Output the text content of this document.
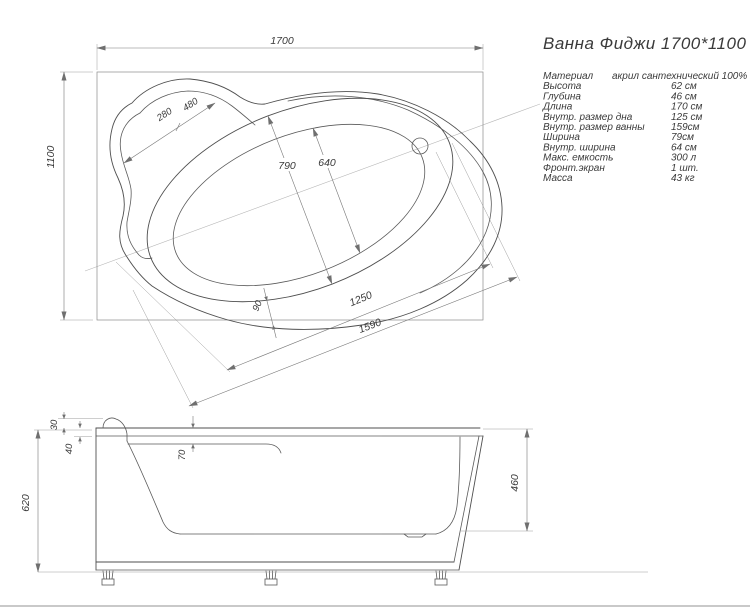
Ванна Фиджи 1700*1100
Материал акрил сантехнический 100%
Высота	62 см
Глубина	46 см
Длина	170 см
Внутр. размер дна	125 см
Внутр. размер ванны	159см
Ширина	79см
Внутр. ширина	64 см
Макс. емкость	300 л
Фронт.экран	1 шт.
Масса	43 кг
1700
1100
280
480
790 640
90	1250
1590
620
30
40
70
460
